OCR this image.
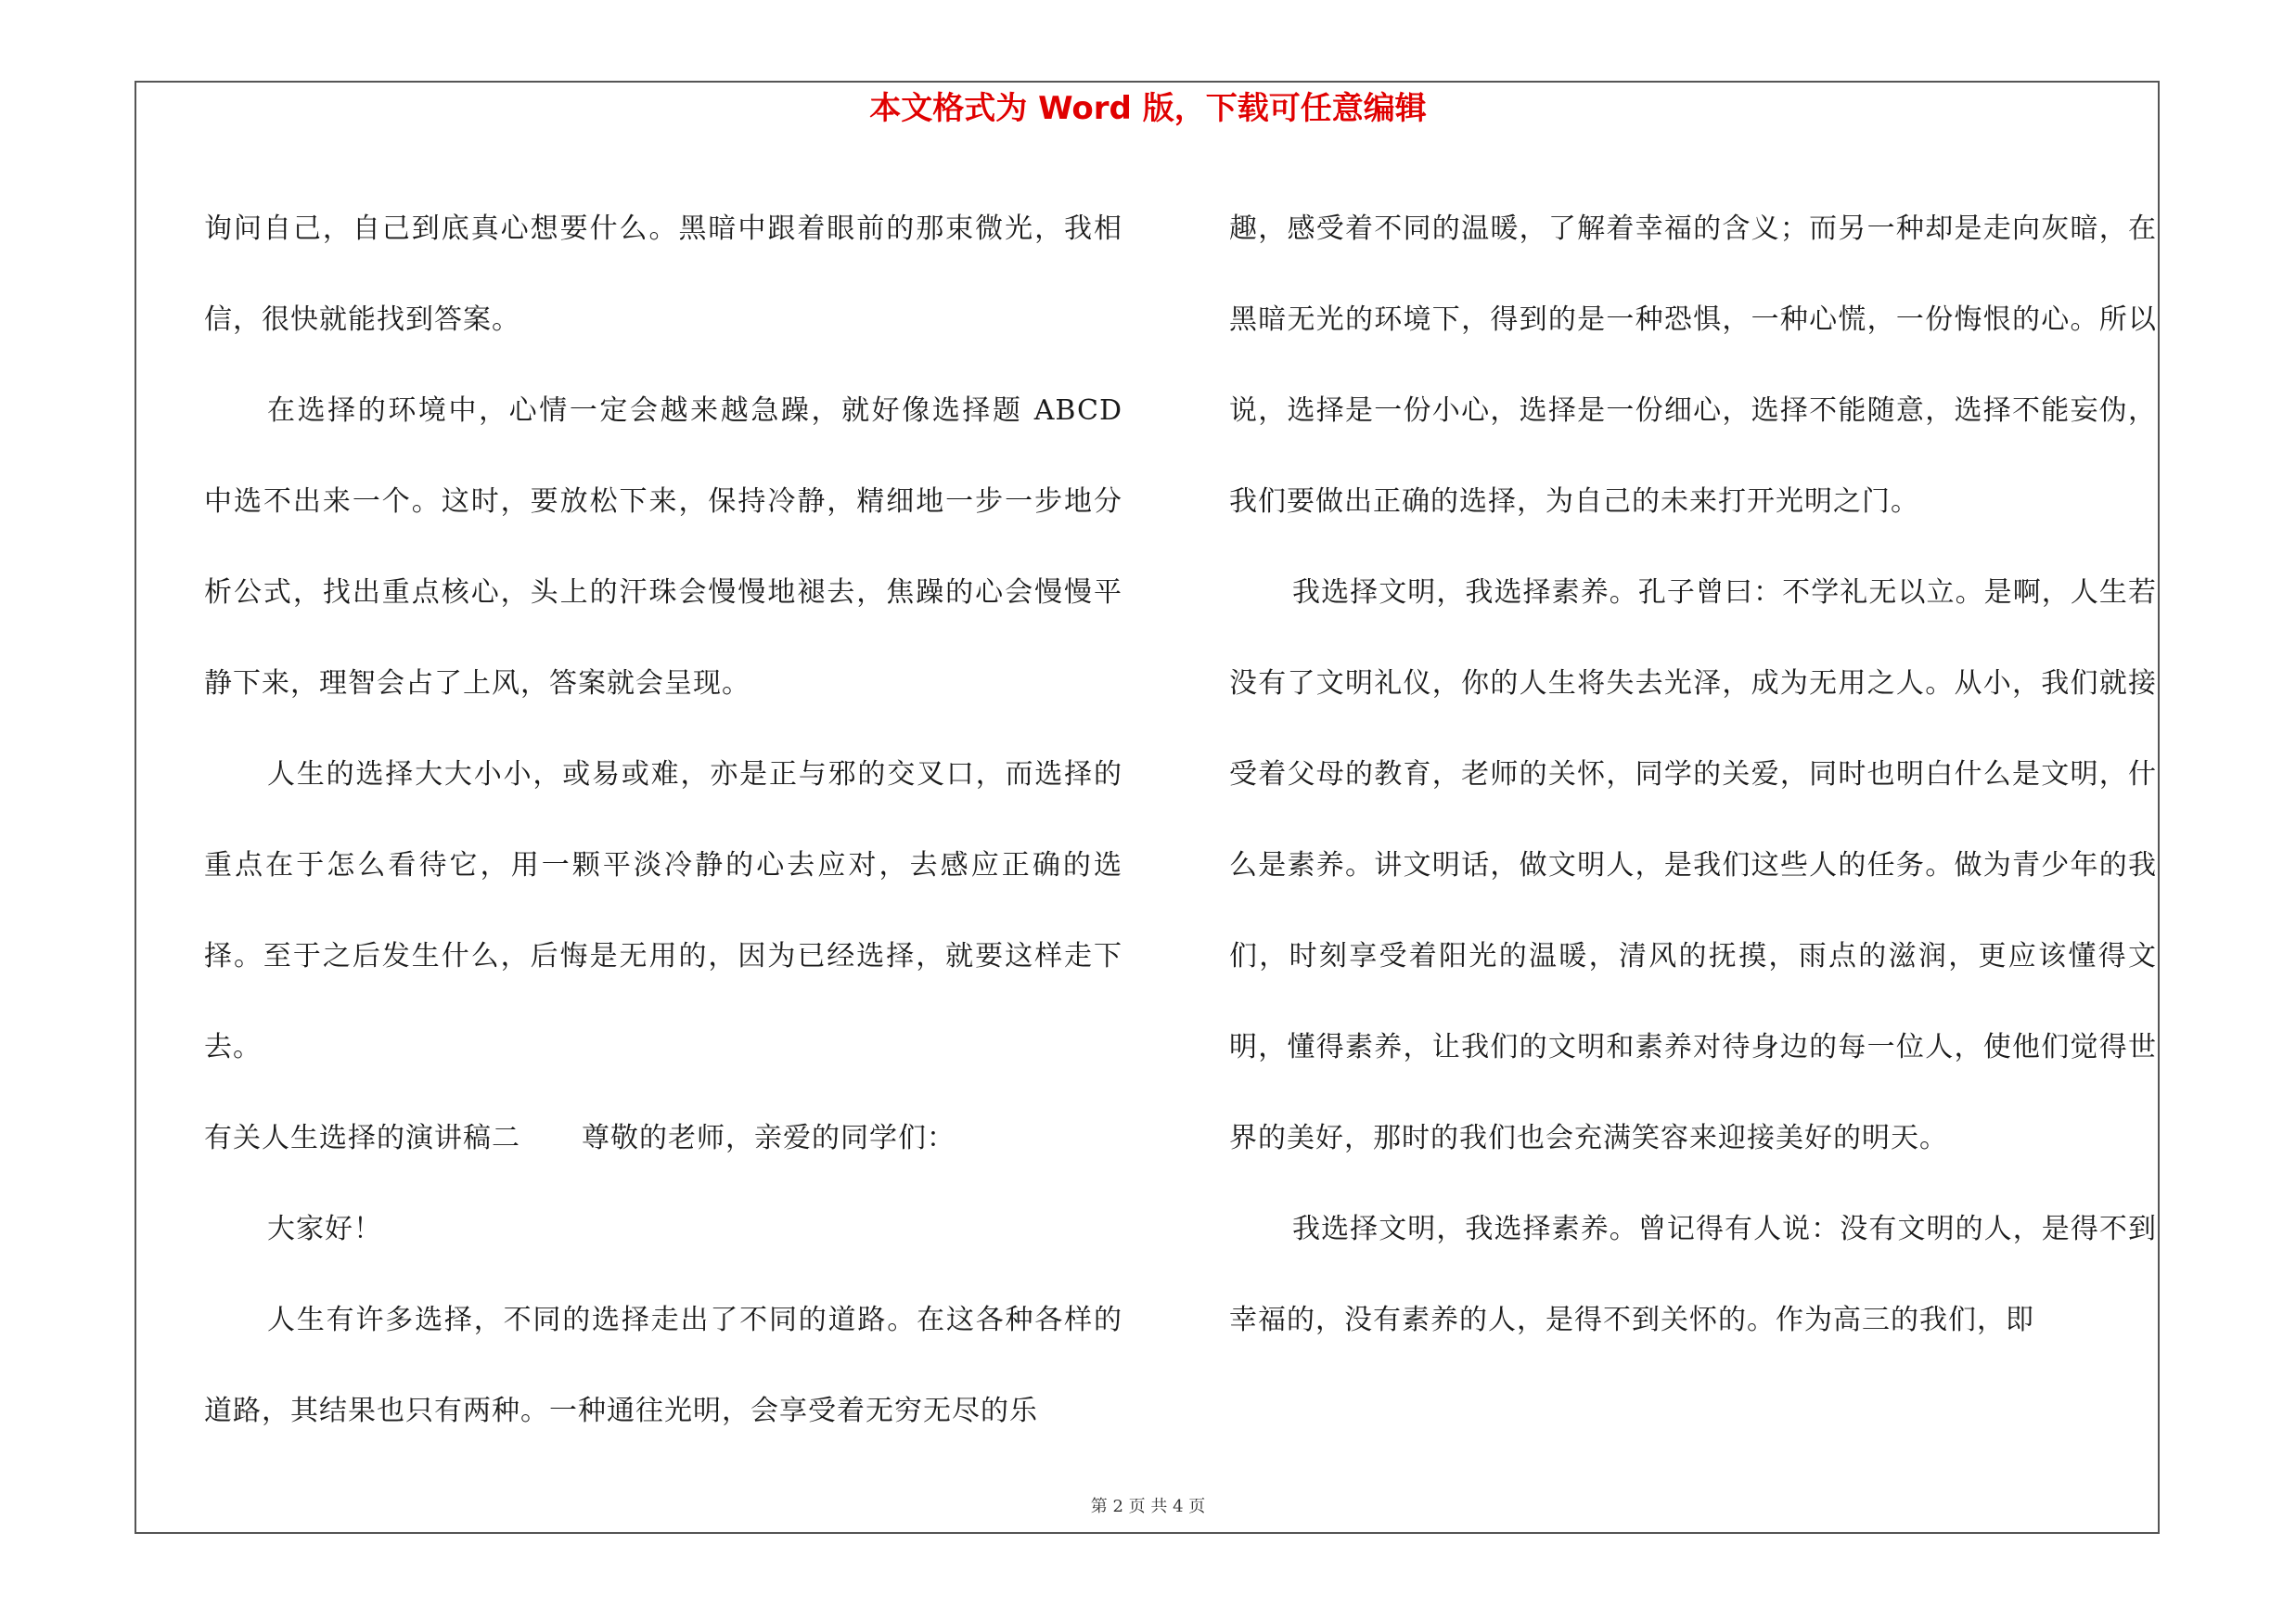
本文格式为 Word 版，下载可任意编辑

询问自己，自己到底真心想要什么。黑暗中跟着眼前的那束微光，我相信，很快就能找到答案。

在选择的环境中，心情一定会越来越急躁，就好像选择题 ABCD 中选不出来一个。这时，要放松下来，保持冷静，精细地一步一步地分析公式，找出重点核心，头上的汗珠会慢慢地褪去，焦躁的心会慢慢平静下来，理智会占了上风，答案就会呈现。

人生的选择大大小小，或易或难，亦是正与邪的交叉口，而选择的重点在于怎么看待它，用一颗平淡冷静的心去应对，去感应正确的选择。至于之后发生什么，后悔是无用的，因为已经选择，就要这样走下去。

有关人生选择的演讲稿二 尊敬的老师，亲爱的同学们：

大家好！

人生有许多选择，不同的选择走出了不同的道路。在这各种各样的道路，其结果也只有两种。一种通往光明，会享受着无穷无尽的乐

趣，感受着不同的温暖，了解着幸福的含义；而另一种却是走向灰暗，在黑暗无光的环境下，得到的是一种恐惧，一种心慌，一份悔恨的心。所以说，选择是一份小心，选择是一份细心，选择不能随意，选择不能妄伪，我们要做出正确的选择，为自己的未来打开光明之门。

我选择文明，我选择素养。孔子曾曰：不学礼无以立。是啊，人生若没有了文明礼仪，你的人生将失去光泽，成为无用之人。从小，我们就接受着父母的教育，老师的关怀，同学的关爱，同时也明白什么是文明，什么是素养。讲文明话，做文明人，是我们这些人的任务。做为青少年的我们，时刻享受着阳光的温暖，清风的抚摸，雨点的滋润，更应该懂得文明，懂得素养，让我们的文明和素养对待身边的每一位人，使他们觉得世界的美好，那时的我们也会充满笑容来迎接美好的明天。

我选择文明，我选择素养。曾记得有人说：没有文明的人，是得不到幸福的，没有素养的人，是得不到关怀的。作为高三的我们，即

第 2 页 共 4 页
